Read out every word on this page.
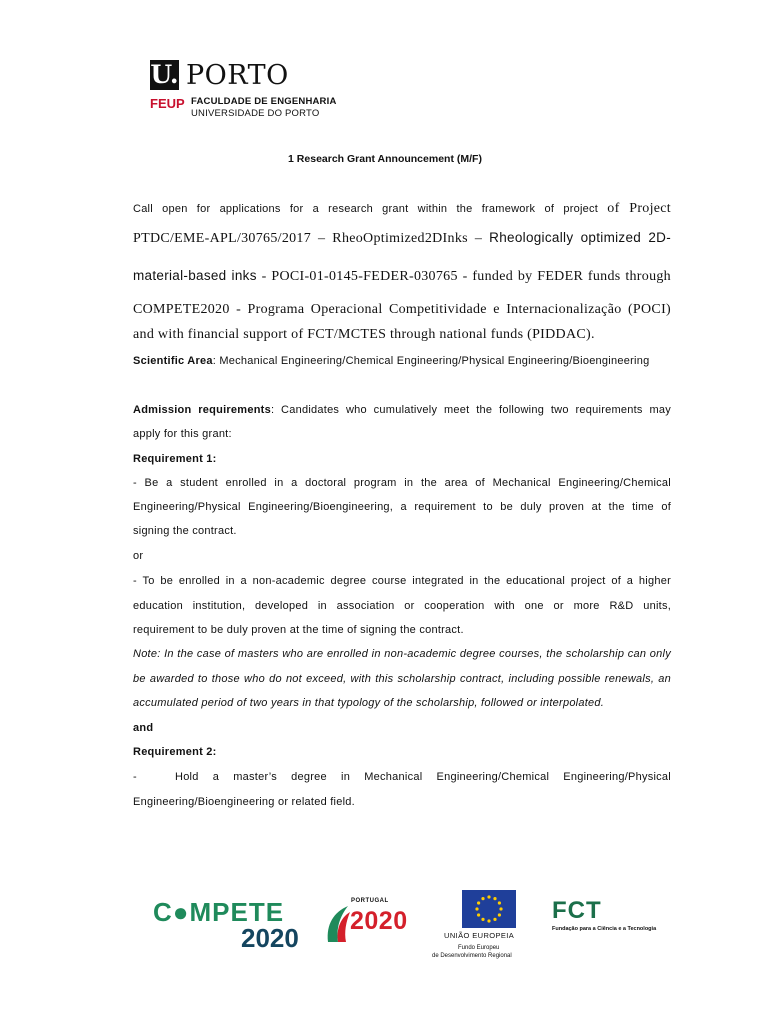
U. PORTO
FEUP FACULDADE DE ENGENHARIA
UNIVERSIDADE DO PORTO
1 Research Grant Announcement (M/F)
Call open for applications for a research grant within the framework of project of Project
PTDC/EME-APL/30765/2017 – RheoOptimized2DInks – Rheologically optimized 2D-
material-based inks - POCI-01-0145-FEDER-030765 - funded by FEDER funds through
COMPETE2020 - Programa Operacional Competitividade e Internacionalização (POCI)
and with financial support of FCT/MCTES through national funds (PIDDAC).
Scientific Area: Mechanical Engineering/Chemical Engineering/Physical Engineering/Bioengineering
Admission requirements: Candidates who cumulatively meet the following two requirements may
apply for this grant:
Requirement 1:
- Be a student enrolled in a doctoral program in the area of Mechanical Engineering/Chemical
Engineering/Physical Engineering/Bioengineering, a requirement to be duly proven at the time of
signing the contract.
or
- To be enrolled in a non-academic degree course integrated in the educational project of a higher
education institution, developed in association or cooperation with one or more R&D units,
requirement to be duly proven at the time of signing the contract.
Note: In the case of masters who are enrolled in non-academic degree courses, the scholarship can only
be awarded to those who do not exceed, with this scholarship contract, including possible renewals, an
accumulated period of two years in that typology of the scholarship, followed or interpolated.
and
Requirement 2:
-	Hold a master’s degree in Mechanical Engineering/Chemical Engineering/Physical
Engineering/Bioengineering or related field.
C●MPETE
2020
PORTUGAL
2020
UNIÃO EUROPEIA
Fundo Europeu
de Desenvolvimento Regional
FCT
Fundação para a Ciência e a Tecnologia
